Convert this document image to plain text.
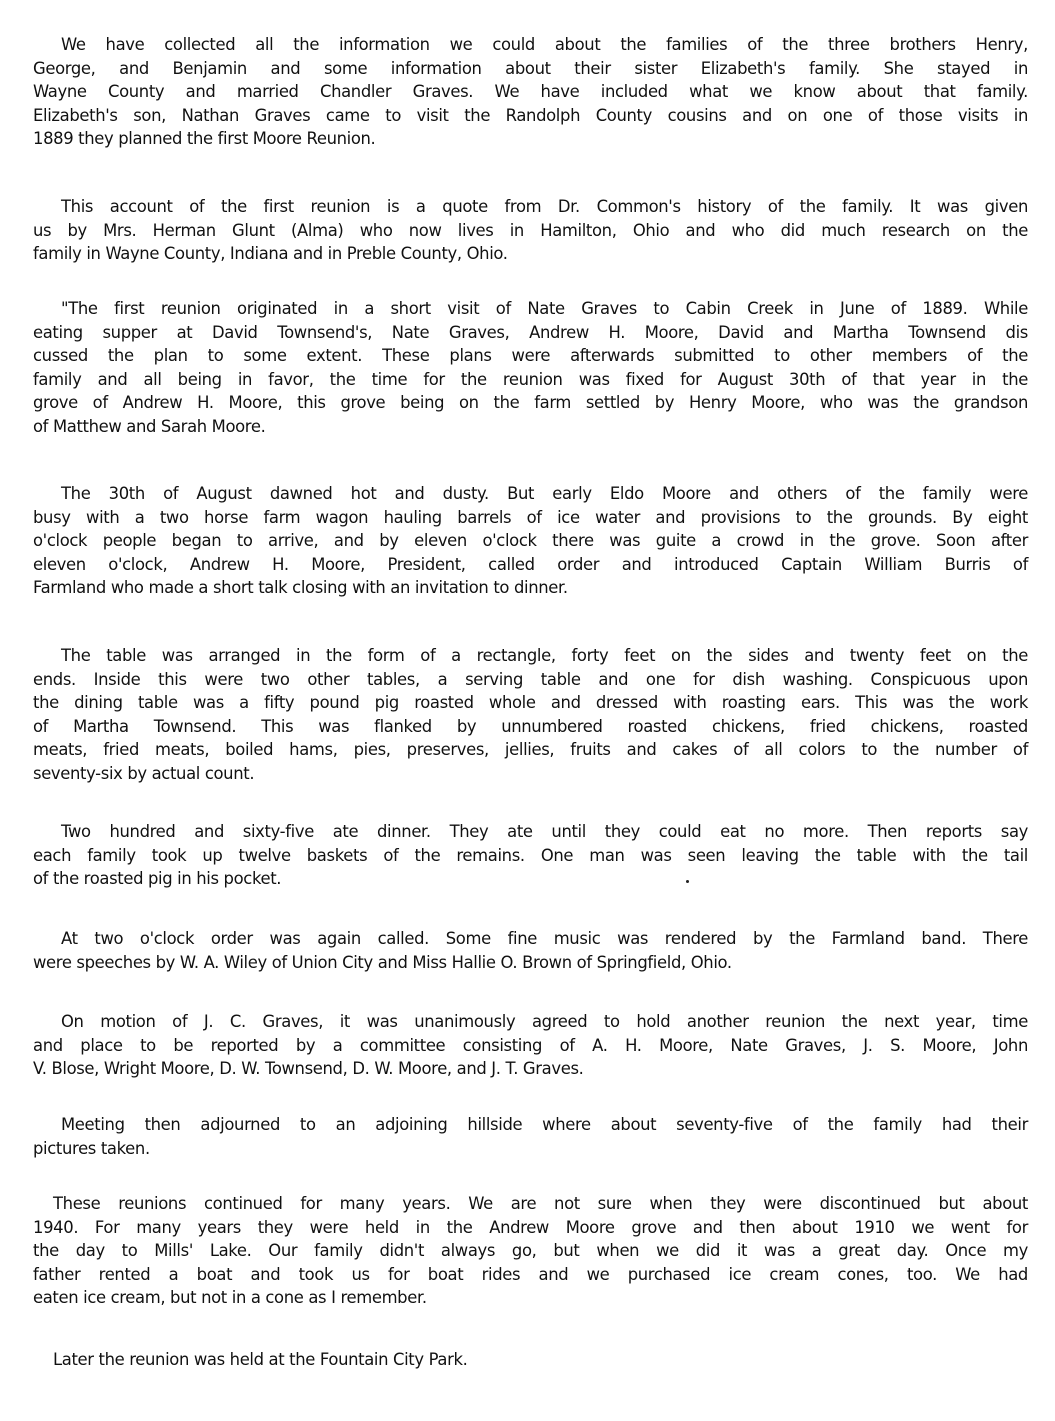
We have collected all the information we could about the families of the three brothers Henry,
George, and Benjamin and some information about their sister Elizabeth's family. She stayed in
Wayne County and married Chandler Graves. We have included what we know about that family.
Elizabeth's son, Nathan Graves came to visit the Randolph County cousins and on one of those visits in
1889 they planned the first Moore Reunion.
This account of the first reunion is a quote from Dr. Common's history of the family. It was given
us by Mrs. Herman Glunt (Alma) who now lives in Hamilton, Ohio and who did much research on the
family in Wayne County, Indiana and in Preble County, Ohio.
"The first reunion originated in a short visit of Nate Graves to Cabin Creek in June of 1889. While
eating supper at David Townsend's, Nate Graves, Andrew H. Moore, David and Martha Townsend dis
cussed the plan to some extent. These plans were afterwards submitted to other members of the
family and all being in favor, the time for the reunion was fixed for August 30th of that year in the
grove of Andrew H. Moore, this grove being on the farm settled by Henry Moore, who was the grandson
of Matthew and Sarah Moore.
The 30th of August dawned hot and dusty. But early Eldo Moore and others of the family were
busy with a two horse farm wagon hauling barrels of ice water and provisions to the grounds. By eight
o'clock people began to arrive, and by eleven o'clock there was guite a crowd in the grove. Soon after
eleven o'clock, Andrew H. Moore, President, called order and introduced Captain William Burris of
Farmland who made a short talk closing with an invitation to dinner.
The table was arranged in the form of a rectangle, forty feet on the sides and twenty feet on the
ends. Inside this were two other tables, a serving table and one for dish washing. Conspicuous upon
the dining table was a fifty pound pig roasted whole and dressed with roasting ears. This was the work
of Martha Townsend. This was flanked by unnumbered roasted chickens, fried chickens, roasted
meats, fried meats, boiled hams, pies, preserves, jellies, fruits and cakes of all colors to the number of
seventy-six by actual count.
Two hundred and sixty-five ate dinner. They ate until they could eat no more. Then reports say
each family took up twelve baskets of the remains. One man was seen leaving the table with the tail
of the roasted pig in his pocket.
At two o'clock order was again called. Some fine music was rendered by the Farmland band. There
were speeches by W. A. Wiley of Union City and Miss Hallie O. Brown of Springfield, Ohio.
On motion of J. C. Graves, it was unanimously agreed to hold another reunion the next year, time
and place to be reported by a committee consisting of A. H. Moore, Nate Graves, J. S. Moore, John
V. Blose, Wright Moore, D. W. Townsend, D. W. Moore, and J. T. Graves.
Meeting then adjourned to an adjoining hillside where about seventy-five of the family had their
pictures taken.
These reunions continued for many years. We are not sure when they were discontinued but about
1940. For many years they were held in the Andrew Moore grove and then about 1910 we went for
the day to Mills' Lake. Our family didn't always go, but when we did it was a great day. Once my
father rented a boat and took us for boat rides and we purchased ice cream cones, too. We had
eaten ice cream, but not in a cone as I remember.
Later the reunion was held at the Fountain City Park.
